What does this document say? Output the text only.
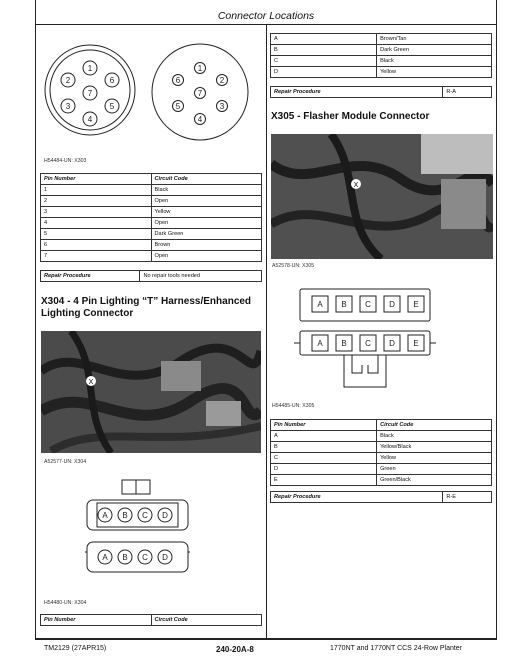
Connector Locations
1
2	6
7
3	5
4
1
6	2
7
5	3
4
H54484-UN: X303
Pin Number	Circuit Code
1	Black
2	Open
3	Yellow
4	Open
5	Dark Green
6	Brown
7	Open
Repair Procedure	No repair tools needed
X304 - 4 Pin Lighting “T” Harness/Enhanced Lighting Connector
X
A52577-UN: X304
A B C D
A B C D
H54480-UN: X304
Pin Number	Circuit Code
A	Brown/Tan
B	Dark Green
C	Black
D	Yellow
Repair Procedure	R-A
X305 - Flasher Module Connector
X
A52578-UN: X305
A B C D E
A B C D E
H54485-UN: X305
Pin Number	Circuit Code
A	Black
B	Yellow/Black
C	Yellow
D	Green
E	Green/Black
Repair Procedure	R-E
TM2129 (27APR15)	240-20A-8	1770NT and 1770NT CCS 24-Row Planter
